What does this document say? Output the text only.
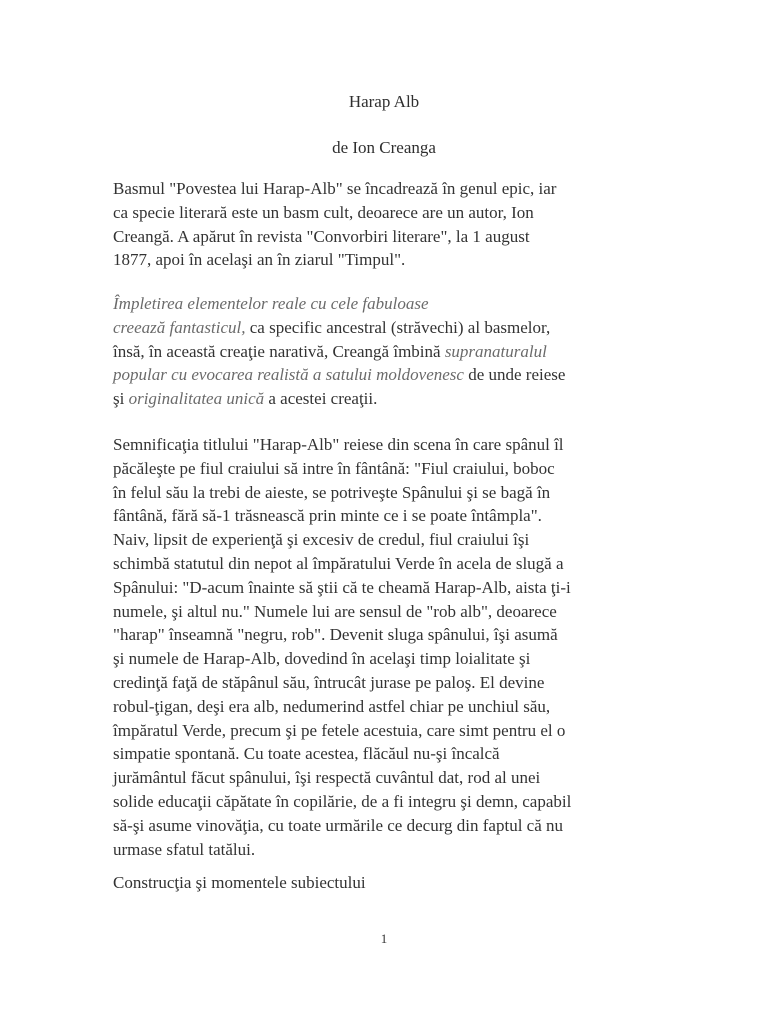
Harap Alb
de Ion Creanga
Basmul "Povestea lui Harap-Alb" se încadrează în genul epic, iar
ca specie literară este un basm cult, deoarece are un autor, Ion
Creangă. A apărut în revista "Convorbiri literare", la 1 august
1877, apoi în acelaşi an în ziarul "Timpul".
Împletirea elementelor reale cu cele fabuloase
creează fantasticul, ca specific ancestral (străvechi) al basmelor,
însă, în această creaţie narativă, Creangă îmbină supranaturalul
popular cu evocarea realistă a satului moldovenesc de unde reiese
şi originalitatea unică a acestei creaţii.
Semnificaţia titlului "Harap-Alb" reiese din scena în care spânul îl
păcăleşte pe fiul craiului să intre în fântână: "Fiul craiului, boboc
în felul său la trebi de aieste, se potriveşte Spânului şi se bagă în
fântână, fără să-1 trăsnească prin minte ce i se poate întâmpla".
Naiv, lipsit de experienţă şi excesiv de credul, fiul craiului îşi
schimbă statutul din nepot al împăratului Verde în acela de slugă a
Spânului: "D-acum înainte să ştii că te cheamă Harap-Alb, aista ţi-i
numele, şi altul nu." Numele lui are sensul de "rob alb", deoarece
"harap" înseamnă "negru, rob". Devenit sluga spânului, îşi asumă
şi numele de Harap-Alb, dovedind în acelaşi timp loialitate şi
credinţă faţă de stăpânul său, întrucât jurase pe paloş. El devine
robul-ţigan, deşi era alb, nedumerind astfel chiar pe unchiul său,
împăratul Verde, precum şi pe fetele acestuia, care simt pentru el o
simpatie spontană. Cu toate acestea, flăcăul nu-şi încalcă
jurământul făcut spânului, îşi respectă cuvântul dat, rod al unei
solide educaţii căpătate în copilărie, de a fi integru şi demn, capabil
să-şi asume vinovăţia, cu toate urmările ce decurg din faptul că nu
urmase sfatul tatălui.
Construcţia şi momentele subiectului
1
